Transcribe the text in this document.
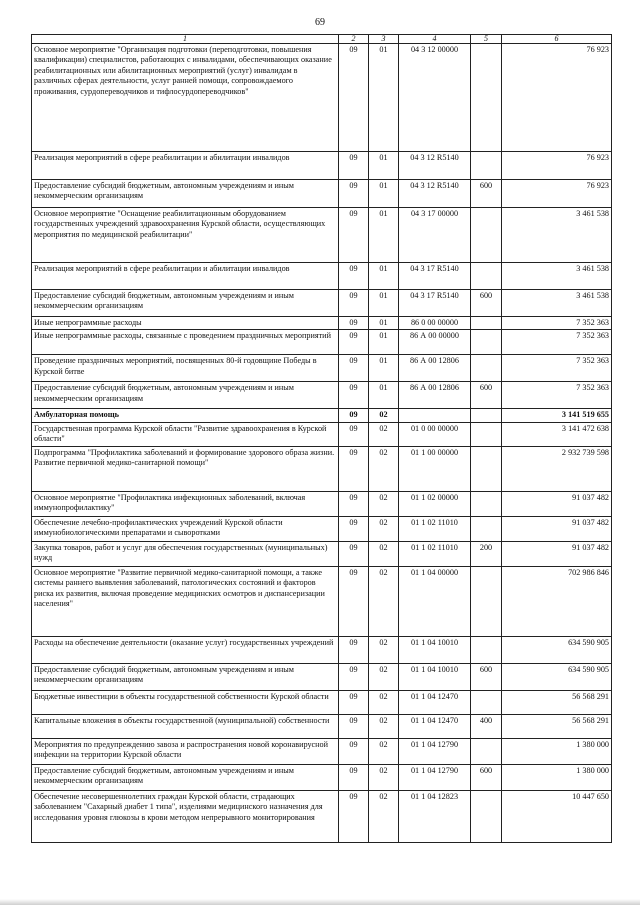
69
1	2	3	4	5	6
Основное мероприятие "Организация подготовки (переподготовки, повышения квалификации) специалистов, работающих с инвалидами, обеспечивающих оказание реабилитационных или абилитационных мероприятий (услуг) инвалидам в различных сферах деятельности, услуг ранней помощи, сопровождаемого проживания, сурдопереводчиков и тифлосурдопереводчиков"	09	01	04 3 12 00000		76 923
Реализация мероприятий в сфере реабилитации и абилитации инвалидов	09	01	04 3 12 R5140		76 923
Предоставление субсидий бюджетным, автономным учреждениям и иным некоммерческим организациям	09	01	04 3 12 R5140	600	76 923
Основное мероприятие "Оснащение реабилитационным оборудованием государственных учреждений здравоохранения Курской области, осуществляющих мероприятия по медицинской реабилитации"	09	01	04 3 17 00000		3 461 538
Реализация мероприятий в сфере реабилитации и абилитации инвалидов	09	01	04 3 17 R5140		3 461 538
Предоставление субсидий бюджетным, автономным учреждениям и иным некоммерческим организациям	09	01	04 3 17 R5140	600	3 461 538
Иные непрограммные расходы	09	01	86 0 00 00000		7 352 363
Иные непрограммные расходы, связанные с проведением праздничных мероприятий	09	01	86 А 00 00000		7 352 363
Проведение праздничных мероприятий, посвященных 80-й годовщине Победы в Курской битве	09	01	86 А 00 12806		7 352 363
Предоставление субсидий бюджетным, автономным учреждениям и иным некоммерческим организациям	09	01	86 А 00 12806	600	7 352 363
Амбулаторная помощь	09	02			3 141 519 655
Государственная программа Курской области "Развитие здравоохранения в Курской области"	09	02	01 0 00 00000		3 141 472 638
Подпрограмма "Профилактика заболеваний и формирование здорового образа жизни. Развитие первичной медико-санитарной помощи"	09	02	01 1 00 00000		2 932 739 598
Основное мероприятие "Профилактика инфекционных заболеваний, включая иммунопрофилактику"	09	02	01 1 02 00000		91 037 482
Обеспечение лечебно-профилактических учреждений Курской области иммунобиологическими препаратами и сыворотками	09	02	01 1 02 11010		91 037 482
Закупка товаров, работ и услуг для обеспечения государственных (муниципальных) нужд	09	02	01 1 02 11010	200	91 037 482
Основное мероприятие "Развитие первичной медико-санитарной помощи, а также системы раннего выявления заболеваний, патологических состояний и факторов риска их развития, включая проведение медицинских осмотров и диспансеризации населения"	09	02	01 1 04 00000		702 986 846
Расходы на обеспечение деятельности (оказание услуг) государственных учреждений	09	02	01 1 04 10010		634 590 905
Предоставление субсидий бюджетным, автономным учреждениям и иным некоммерческим организациям	09	02	01 1 04 10010	600	634 590 905
Бюджетные инвестиции в объекты государственной собственности Курской области	09	02	01 1 04 12470		56 568 291
Капитальные вложения в объекты государственной (муниципальной) собственности	09	02	01 1 04 12470	400	56 568 291
Мероприятия по предупреждению завоза и распространения новой коронавирусной инфекции на территории Курской области	09	02	01 1 04 12790		1 380 000
Предоставление субсидий бюджетным, автономным учреждениям и иным некоммерческим организациям	09	02	01 1 04 12790	600	1 380 000
Обеспечение несовершеннолетних граждан Курской области, страдающих заболеванием "Сахарный диабет 1 типа", изделиями медицинского назначения для исследования уровня глюкозы в крови методом непрерывного мониторирования	09	02	01 1 04 12823		10 447 650
